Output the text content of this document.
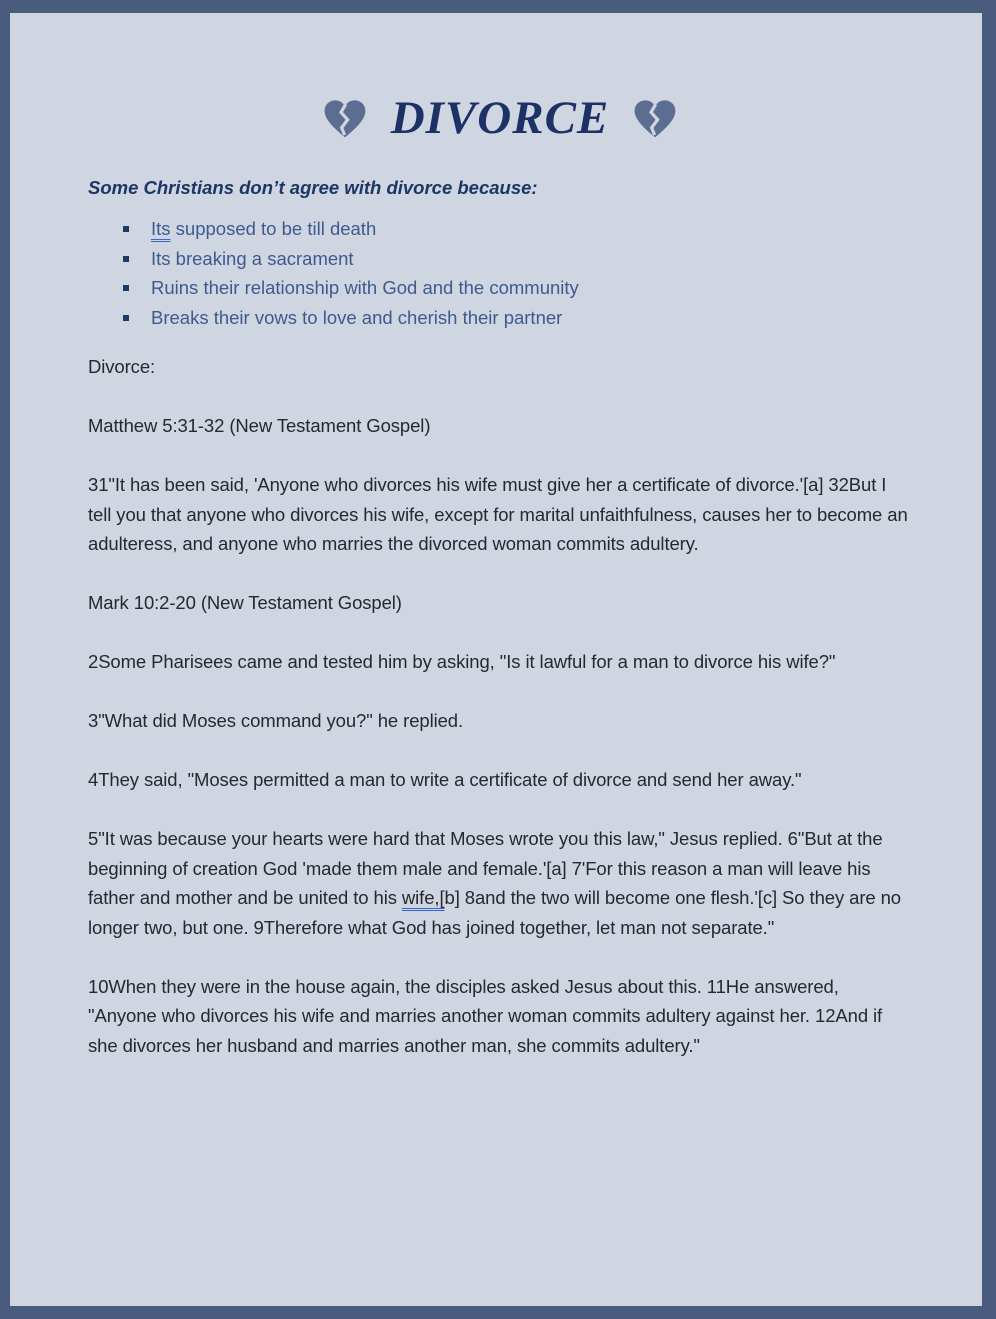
DIVORCE

Some Christians don’t agree with divorce because:

Its supposed to be till death
Its breaking a sacrament
Ruins their relationship with God and the community
Breaks their vows to love and cherish their partner

Divorce:

Matthew 5:31-32 (New Testament Gospel)

31"It has been said, 'Anyone who divorces his wife must give her a certificate of divorce.'[a] 32But I tell you that anyone who divorces his wife, except for marital unfaithfulness, causes her to become an adulteress, and anyone who marries the divorced woman commits adultery.

Mark 10:2-20 (New Testament Gospel)

2Some Pharisees came and tested him by asking, "Is it lawful for a man to divorce his wife?"

3"What did Moses command you?" he replied.

4They said, "Moses permitted a man to write a certificate of divorce and send her away."

5"It was because your hearts were hard that Moses wrote you this law," Jesus replied. 6"But at the beginning of creation God 'made them male and female.'[a] 7'For this reason a man will leave his father and mother and be united to his wife,[b] 8and the two will become one flesh.'[c] So they are no longer two, but one. 9Therefore what God has joined together, let man not separate."

10When they were in the house again, the disciples asked Jesus about this. 11He answered, "Anyone who divorces his wife and marries another woman commits adultery against her. 12And if she divorces her husband and marries another man, she commits adultery."
